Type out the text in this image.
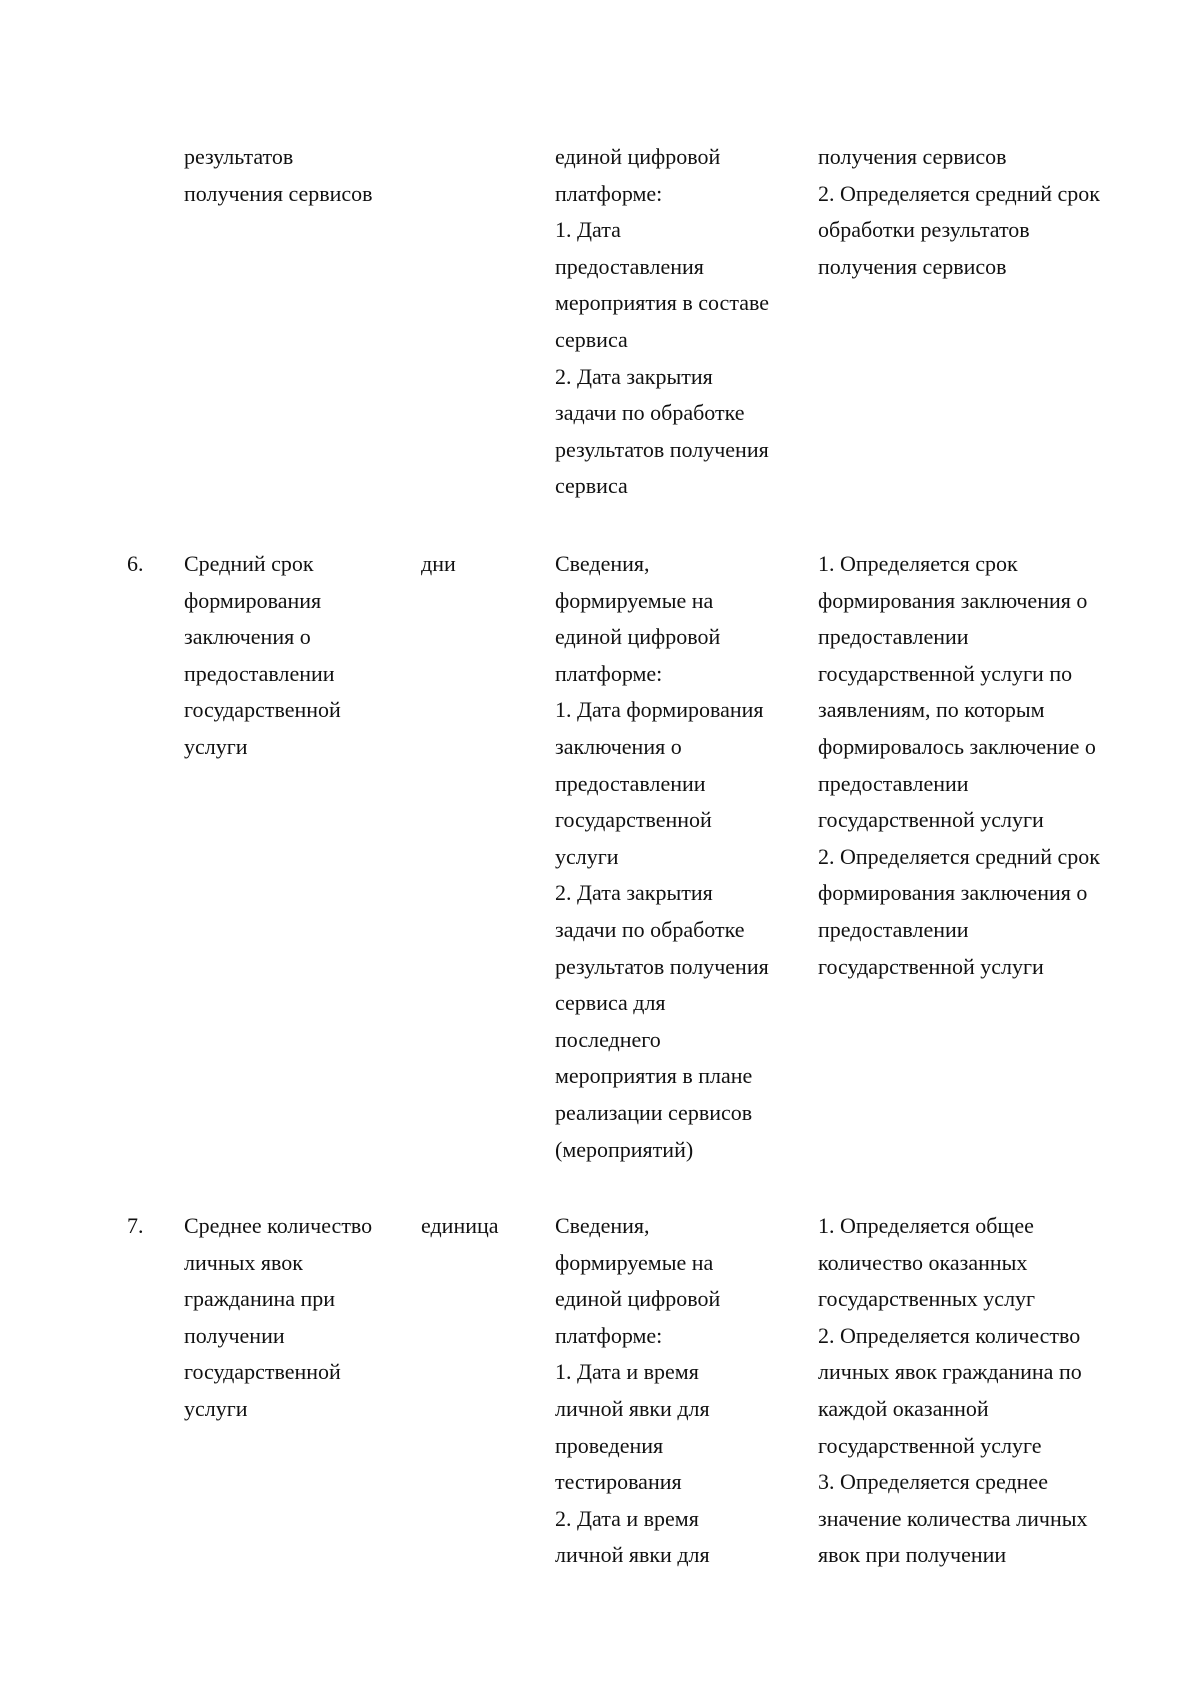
результатов
получения сервисов
единой цифровой
платформе:
1. Дата
предоставления
мероприятия в составе
сервиса
2. Дата закрытия
задачи по обработке
результатов получения
сервиса
получения сервисов
2. Определяется средний срок
обработки результатов
получения сервисов
6. Средний срок
формирования
заключения о
предоставлении
государственной
услуги
дни	Сведения,
формируемые на
единой цифровой
платформе:
1. Дата формирования
заключения о
предоставлении
государственной
услуги
2. Дата закрытия
задачи по обработке
результатов получения
сервиса для
последнего
мероприятия в плане
реализации сервисов
(мероприятий)
1. Определяется срок
формирования заключения о
предоставлении
государственной услуги по
заявлениям, по которым
формировалось заключение о
предоставлении
государственной услуги
2. Определяется средний срок
формирования заключения о
предоставлении
государственной услуги
7. Среднее количество
личных явок
гражданина при
получении
государственной
услуги
единица	Сведения,
формируемые на
единой цифровой
платформе:
1. Дата и время
личной явки для
проведения
тестирования
2. Дата и время
личной явки для
1. Определяется общее
количество оказанных
государственных услуг
2. Определяется количество
личных явок гражданина по
каждой оказанной
государственной услуге
3. Определяется среднее
значение количества личных
явок при получении
